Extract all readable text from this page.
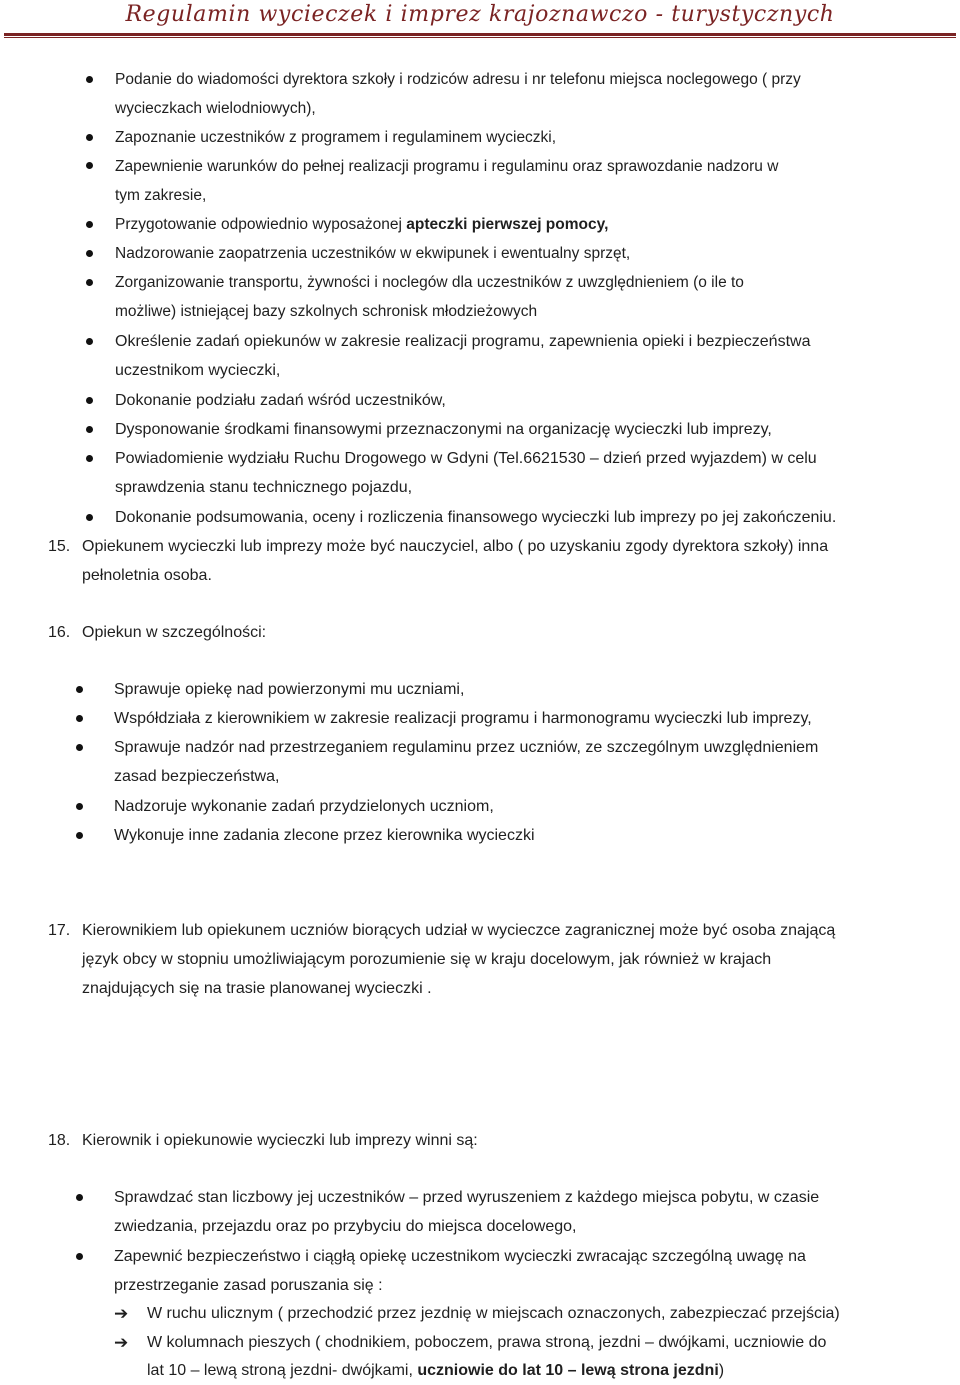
Regulamin wycieczek i imprez krajoznawczo - turystycznych
Podanie do wiadomości dyrektora szkoły i rodziców adresu i nr telefonu miejsca noclegowego ( przy
wycieczkach wielodniowych),
Zapoznanie uczestników z programem i regulaminem wycieczki,
Zapewnienie warunków do pełnej realizacji programu i regulaminu oraz sprawozdanie nadzoru w
tym zakresie,
Przygotowanie odpowiednio wyposażonej apteczki pierwszej pomocy,
Nadzorowanie zaopatrzenia uczestników w ekwipunek i ewentualny sprzęt,
Zorganizowanie transportu, żywności i noclegów dla uczestników z uwzględnieniem (o ile to
możliwe) istniejącej bazy szkolnych schronisk młodzieżowych
Określenie zadań opiekunów w zakresie realizacji programu, zapewnienia opieki i bezpieczeństwa
uczestnikom wycieczki,
Dokonanie podziału zadań wśród uczestników,
Dysponowanie środkami finansowymi przeznaczonymi na organizację wycieczki lub imprezy,
Powiadomienie wydziału Ruchu Drogowego w Gdyni (Tel.6621530 – dzień przed wyjazdem) w celu
sprawdzenia stanu technicznego pojazdu,
Dokonanie podsumowania, oceny i rozliczenia finansowego wycieczki lub imprezy po jej zakończeniu.
15. Opiekunem wycieczki lub imprezy może być nauczyciel, albo ( po uzyskaniu zgody dyrektora szkoły) inna
pełnoletnia osoba.
16. Opiekun w szczególności:
Sprawuje opiekę nad powierzonymi mu uczniami,
Współdziała z kierownikiem w zakresie realizacji programu i harmonogramu wycieczki lub imprezy,
Sprawuje nadzór nad przestrzeganiem regulaminu przez uczniów, ze szczególnym uwzględnieniem
zasad bezpieczeństwa,
Nadzoruje wykonanie zadań przydzielonych uczniom,
Wykonuje inne zadania zlecone przez kierownika wycieczki
17. Kierownikiem lub opiekunem uczniów biorących udział w wycieczce zagranicznej może być osoba znającą
język obcy w stopniu umożliwiającym porozumienie się w kraju docelowym, jak również w krajach
znajdujących się na trasie planowanej wycieczki .
18. Kierownik i opiekunowie wycieczki lub imprezy winni są:
Sprawdzać stan liczbowy jej uczestników – przed wyruszeniem z każdego miejsca pobytu, w czasie
zwiedzania, przejazdu oraz po przybyciu do miejsca docelowego,
Zapewnić bezpieczeństwo i ciągłą opiekę uczestnikom wycieczki zwracając szczególną uwagę na
przestrzeganie zasad poruszania się :
➔ W ruchu ulicznym ( przechodzić przez jezdnię w miejscach oznaczonych, zabezpieczać przejścia)
➔ W kolumnach pieszych ( chodnikiem, poboczem, prawa stroną, jezdni – dwójkami, uczniowie do
lat 10 – lewą stroną jezdni- dwójkami, uczniowie do lat 10 – lewą strona jezdni)
